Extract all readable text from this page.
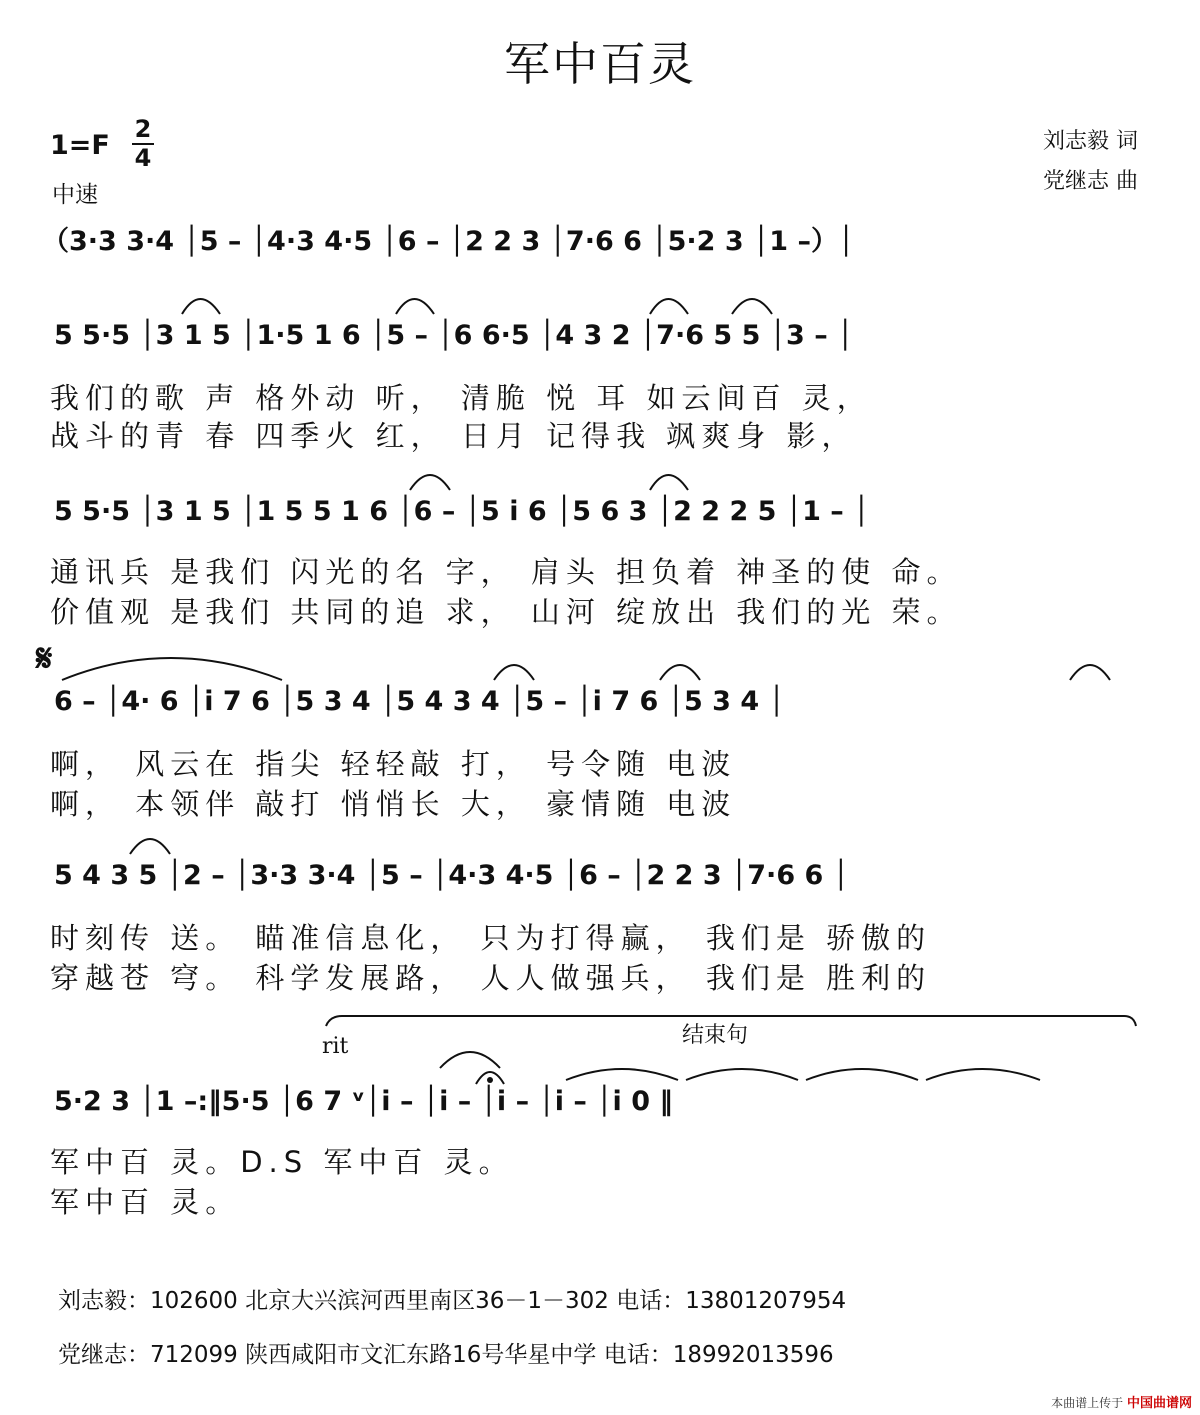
军中百灵
1=F
2
4
中速
刘志毅 词
党继志 曲
（3·3 3·4 │5 – │4·3 4·5 │6 – │2 2 3 │7·6 6 │5·2 3 │1 –）│
5 5·5 │3 1 5 │1·5 1 6 │5 – │6 6·5 │4 3 2 │7·6 5 5 │3 – │
我们的歌 声 格外动 听， 清脆 悦 耳 如云间百 灵，
战斗的青 春 四季火 红， 日月 记得我 飒爽身 影，
5 5·5 │3 1 5 │1 5 5 1 6 │6 – │5 i 6 │5 6 3 │2 2 2 5 │1 – │
通讯兵 是我们 闪光的名 字， 肩头 担负着 神圣的使 命。
价值观 是我们 共同的追 求， 山河 绽放出 我们的光 荣。
𝄋
6 – │4· 6 │i 7 6 │5 3 4 │5 4 3 4 │5 – │i 7 6 │5 3 4 │
啊， 风云在 指尖 轻轻敲 打， 号令随 电波
啊， 本领伴 敲打 悄悄长 大， 豪情随 电波
5 4 3 5 │2 – │3·3 3·4 │5 – │4·3 4·5 │6 – │2 2 3 │7·6 6 │
时刻传 送。 瞄准信息化， 只为打得赢， 我们是 骄傲的
穿越苍 穹。 科学发展路， 人人做强兵， 我们是 胜利的
rit	结束句
5·2 3 │1 –:‖5·5 │6 7 ᵛ│i – │i – │i – │i – │i 0 ‖
军中百 灵。D.S 军中百 灵。
军中百 灵。
刘志毅：102600 北京大兴滨河西里南区36－1－302 电话：13801207954
党继志：712099 陕西咸阳市文汇东路16号华星中学 电话：18992013596
本曲谱上传于 中国曲谱网
